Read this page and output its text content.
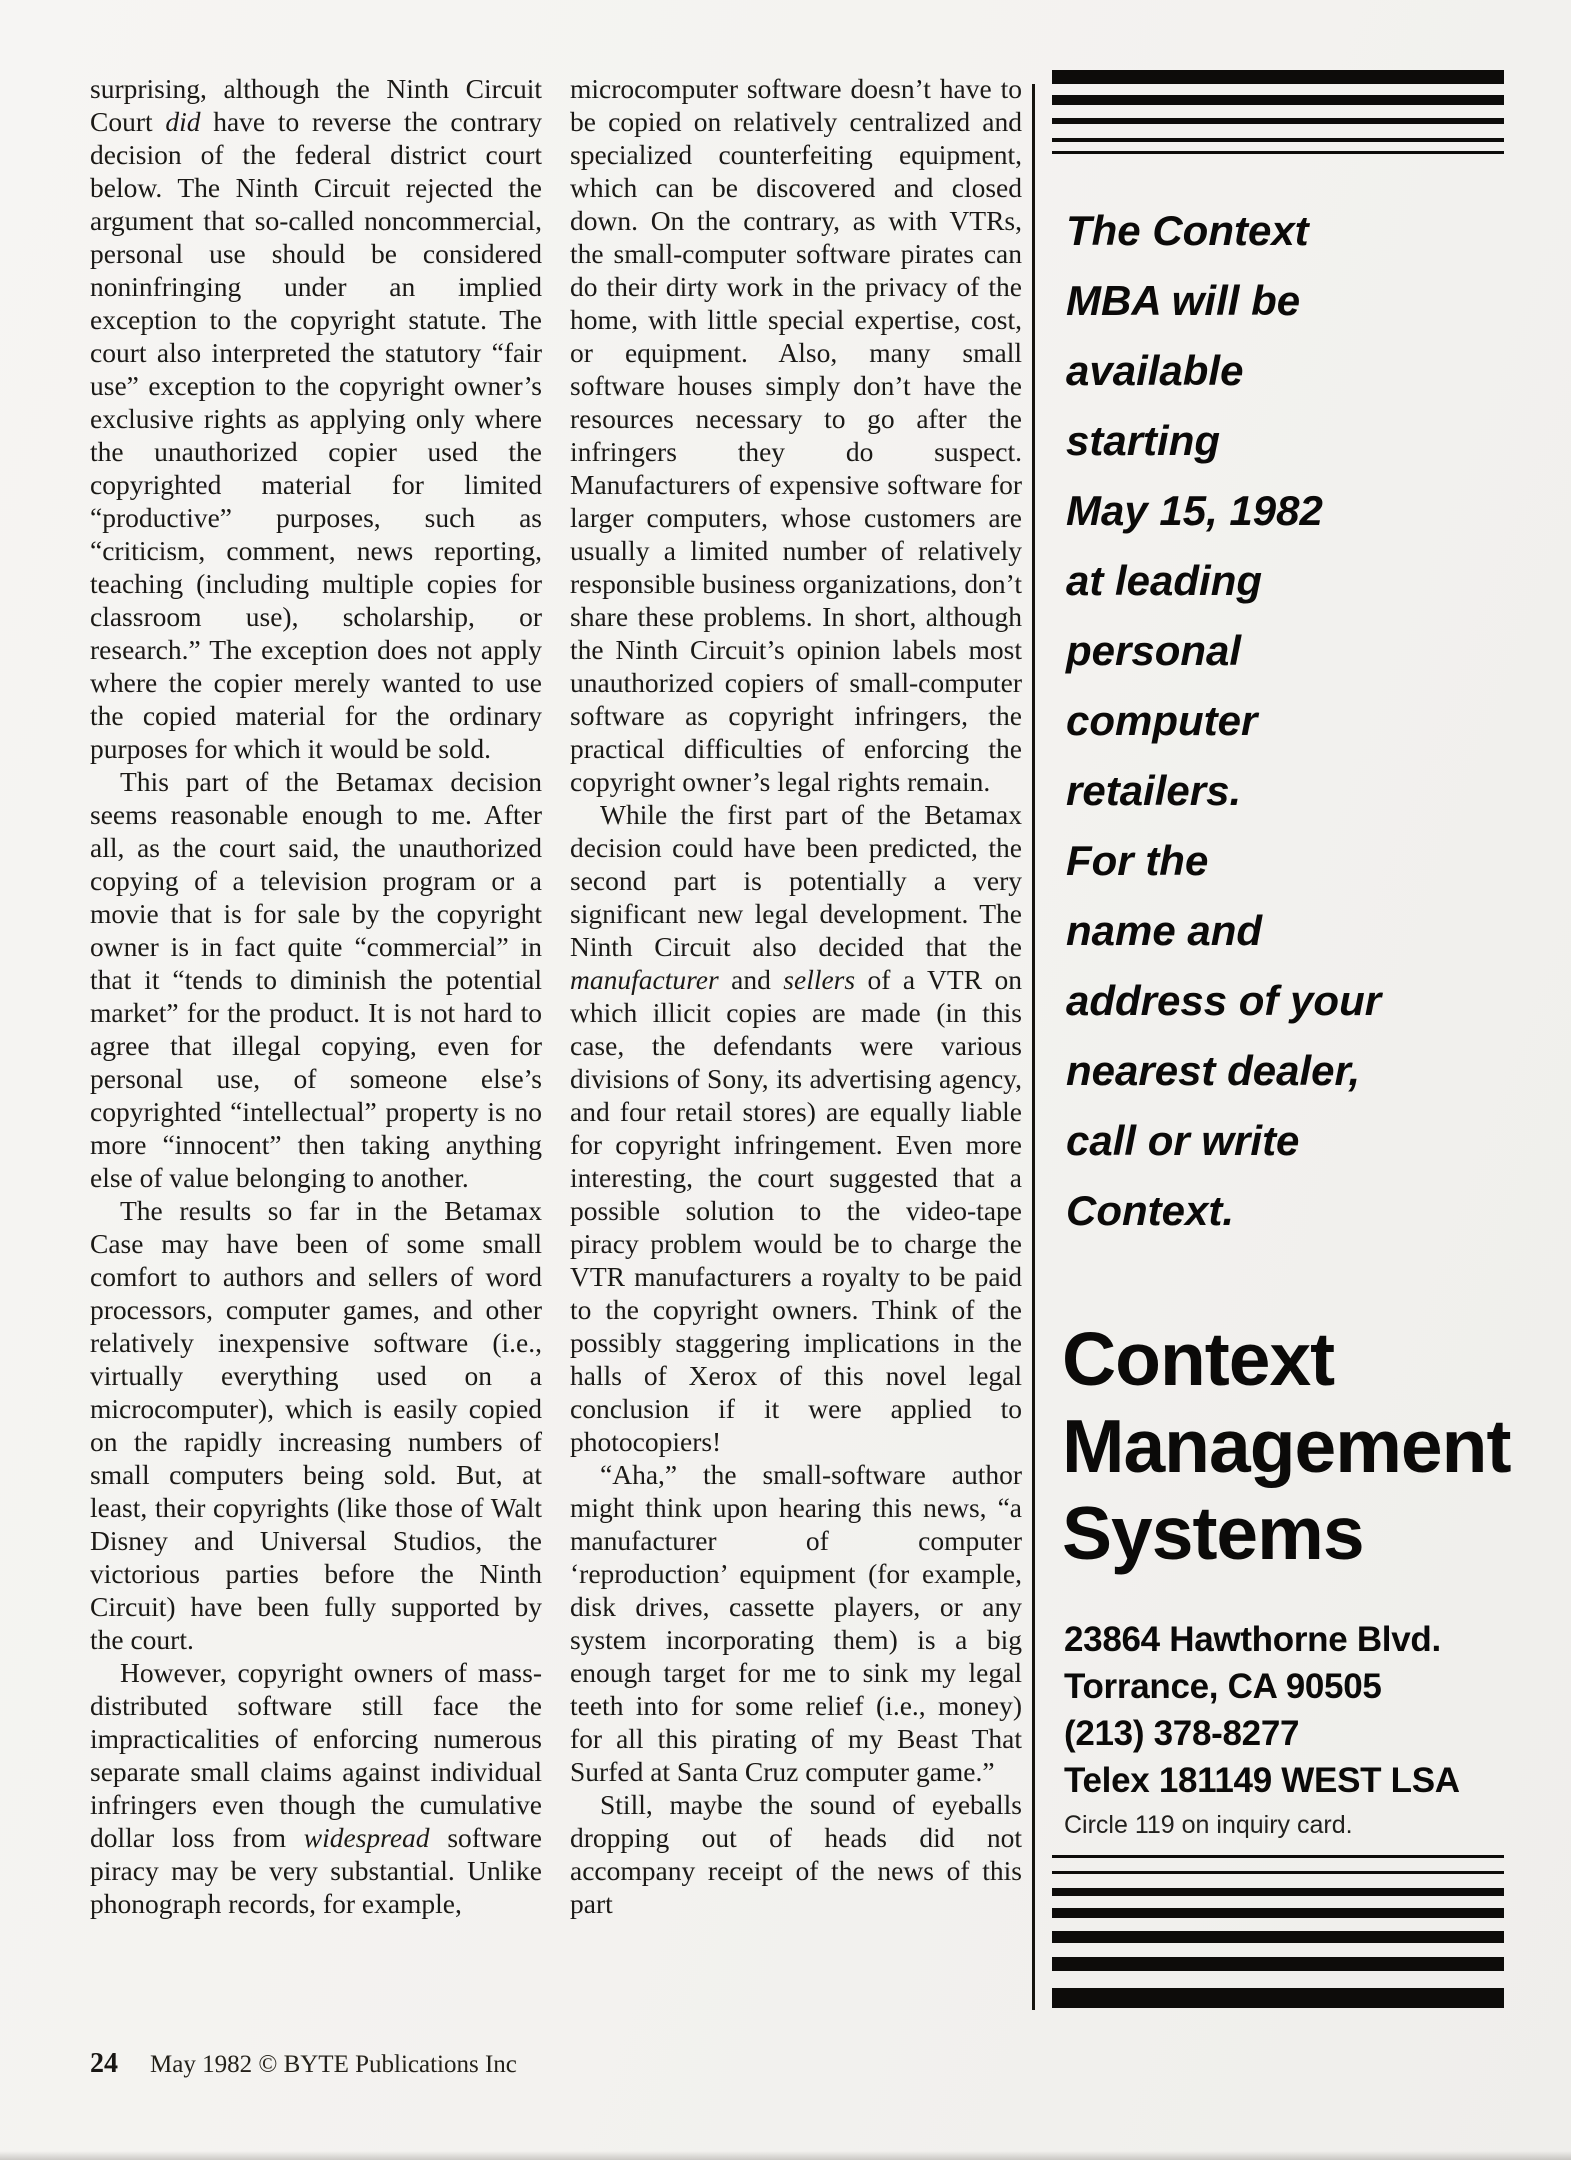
surprising, although the Ninth Circuit Court did have to reverse the contrary decision of the federal district court below. The Ninth Circuit rejected the argument that so-called noncommercial, personal use should be considered noninfringing under an implied exception to the copyright statute. The court also interpreted the statutory “fair use” exception to the copyright owner’s exclusive rights as applying only where the unauthorized copier used the copyrighted material for limited “productive” purposes, such as “criticism, comment, news reporting, teaching (including multiple copies for classroom use), scholarship, or research.” The exception does not apply where the copier merely wanted to use the copied material for the ordinary purposes for which it would be sold.

This part of the Betamax decision seems reasonable enough to me. After all, as the court said, the unauthorized copying of a television program or a movie that is for sale by the copyright owner is in fact quite “commercial” in that it “tends to diminish the potential market” for the product. It is not hard to agree that illegal copying, even for personal use, of someone else’s copyrighted “intellectual” property is no more “innocent” then taking anything else of value belonging to another.

The results so far in the Betamax Case may have been of some small comfort to authors and sellers of word processors, computer games, and other relatively inexpensive software (i.e., virtually everything used on a microcomputer), which is easily copied on the rapidly increasing numbers of small computers being sold. But, at least, their copyrights (like those of Walt Disney and Universal Studios, the victorious parties before the Ninth Circuit) have been fully supported by the court.

However, copyright owners of mass-distributed software still face the impracticalities of enforcing numerous separate small claims against individual infringers even though the cumulative dollar loss from widespread software piracy may be very substantial. Unlike phonograph records, for example,

microcomputer software doesn’t have to be copied on relatively centralized and specialized counterfeiting equipment, which can be discovered and closed down. On the contrary, as with VTRs, the small-computer software pirates can do their dirty work in the privacy of the home, with little special expertise, cost, or equipment. Also, many small software houses simply don’t have the resources necessary to go after the infringers they do suspect. Manufacturers of expensive software for larger computers, whose customers are usually a limited number of relatively responsible business organizations, don’t share these problems. In short, although the Ninth Circuit’s opinion labels most unauthorized copiers of small-computer software as copyright infringers, the practical difficulties of enforcing the copyright owner’s legal rights remain.

While the first part of the Betamax decision could have been predicted, the second part is potentially a very significant new legal development. The Ninth Circuit also decided that the manufacturer and sellers of a VTR on which illicit copies are made (in this case, the defendants were various divisions of Sony, its advertising agency, and four retail stores) are equally liable for copyright infringement. Even more interesting, the court suggested that a possible solution to the video-tape piracy problem would be to charge the VTR manufacturers a royalty to be paid to the copyright owners. Think of the possibly staggering implications in the halls of Xerox of this novel legal conclusion if it were applied to photocopiers!

“Aha,” the small-software author might think upon hearing this news, “a manufacturer of computer ‘reproduction’ equipment (for example, disk drives, cassette players, or any system incorporating them) is a big enough target for me to sink my legal teeth into for some relief (i.e., money) for all this pirating of my Beast That Surfed at Santa Cruz computer game.”

Still, maybe the sound of eyeballs dropping out of heads did not accompany receipt of the news of this part

The Context
MBA will be
available
starting
May 15, 1982
at leading
personal
computer
retailers.
For the
name and
address of your
nearest dealer,
call or write
Context.
Context
Management
Systems
23864 Hawthorne Blvd.
Torrance, CA 90505
(213) 378-8277
Telex 181149 WEST LSA
Circle 119 on inquiry card.
24 May 1982 © BYTE Publications Inc
